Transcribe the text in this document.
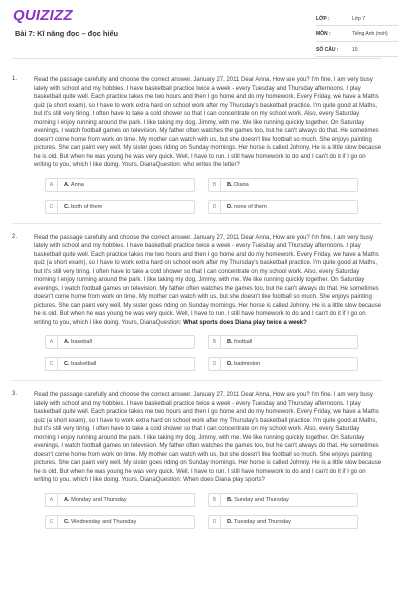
QUIZIZZ
Bài 7: Kĩ năng đọc – đọc hiểu
LỚP :	Lớp 7
MÔN :	Tiếng Anh (mới)
SỐ CÂU :	10
1.	Read the passage carefully and choose the correct answer. January 27, 2011 Dear Anna, How are you? I'm fine. I am very busy lately with school and my hobbies. I have basketball practice twice a week - every Tuesday and Thursday afternoons. I play basketball quite well. Each practice takes me two hours and then I go home and do my homework. Every Friday, we have a Maths quiz (a short exam), so I have to work extra hard on school work after my Thursday's basketball practice. I'm quite good at Maths, but it's still very tiring. I often have to take a cold shower so that I can concentrate on my school work. Also, every Saturday morning I enjoy running around the park. I like taking my dog, Jimmy, with me. We like running quickly together. On Saturday evenings, I watch football games on television. My father often watches the games too, but he can't always do that. He sometimes doesn't come home from work on time. My mother can watch with us, but she doesn't like football so much. She enjoys painting pictures. She can paint very well. My sister goes riding on Sunday mornings. Her horse is called Johnny. He is a little slow because he is old. But when he was young he was very quick. Well, I have to run. I still have homework to do and I can't do it if I go on writing to you, which I like doing. Yours, DianaQuestion: who writes the letter?
A	A. Anna	B	B. Diana
C	C. both of them	D	D. none of them
2.	Read the passage carefully and choose the correct answer. January 27, 2011 Dear Anna, How are you? I'm fine. I am very busy lately with school and my hobbies. I have basketball practice twice a week - every Tuesday and Thursday afternoons. I play basketball quite well. Each practice takes me two hours and then I go home and do my homework. Every Friday, we have a Maths quiz (a short exam), so I have to work extra hard on school work after my Thursday's basketball practice. I'm quite good at Maths, but it's still very tiring. I often have to take a cold shower so that I can concentrate on my school work. Also, every Saturday morning I enjoy running around the park. I like taking my dog, Jimmy, with me. We like running quickly together. On Saturday evenings, I watch football games on television. My father often watches the games too, but he can't always do that. He sometimes doesn't come home from work on time. My mother can watch with us, but she doesn't like football so much. She enjoys painting pictures. She can paint very well. My sister goes riding on Sunday mornings. Her horse is called Johnny. He is a little slow because he is old. But when he was young he was very quick. Well, I have to run. I still have homework to do and I can't do it if I go on writing to you, which I like doing. Yours, DianaQuestion: What sports does Diana play twice a week?
A	A. baseball	B	B. football
C	C. basketball	D	D. badminton
3.	Read the passage carefully and choose the correct answer. January 27, 2011 Dear Anna, How are you? I'm fine. I am very busy lately with school and my hobbies. I have basketball practice twice a week - every Tuesday and Thursday afternoons. I play basketball quite well. Each practice takes me two hours and then I go home and do my homework. Every Friday, we have a Maths quiz (a short exam), so I have to work extra hard on school work after my Thursday's basketball practice. I'm quite good at Maths, but it's still very tiring. I often have to take a cold shower so that I can concentrate on my school work. Also, every Saturday morning I enjoy running around the park. I like taking my dog, Jimmy, with me. We like running quickly together. On Saturday evenings, I watch football games on television. My father often watches the games too, but he can't always do that. He sometimes doesn't come home from work on time. My mother can watch with us, but she doesn't like football so much. She enjoys painting pictures. She can paint very well. My sister goes riding on Sunday mornings. Her horse is called Johnny. He is a little slow because he is old. But when he was young he was very quick. Well, I have to run. I still have homework to do and I can't do it if I go on writing to you, which I like doing. Yours, DianaQuestion: When does Diana play sports?
A	A. Monday and Thursday	B	B. Sunday and Thursday
C	C. Wednesday and Thursday	D	D. Tuesday and Thursday
